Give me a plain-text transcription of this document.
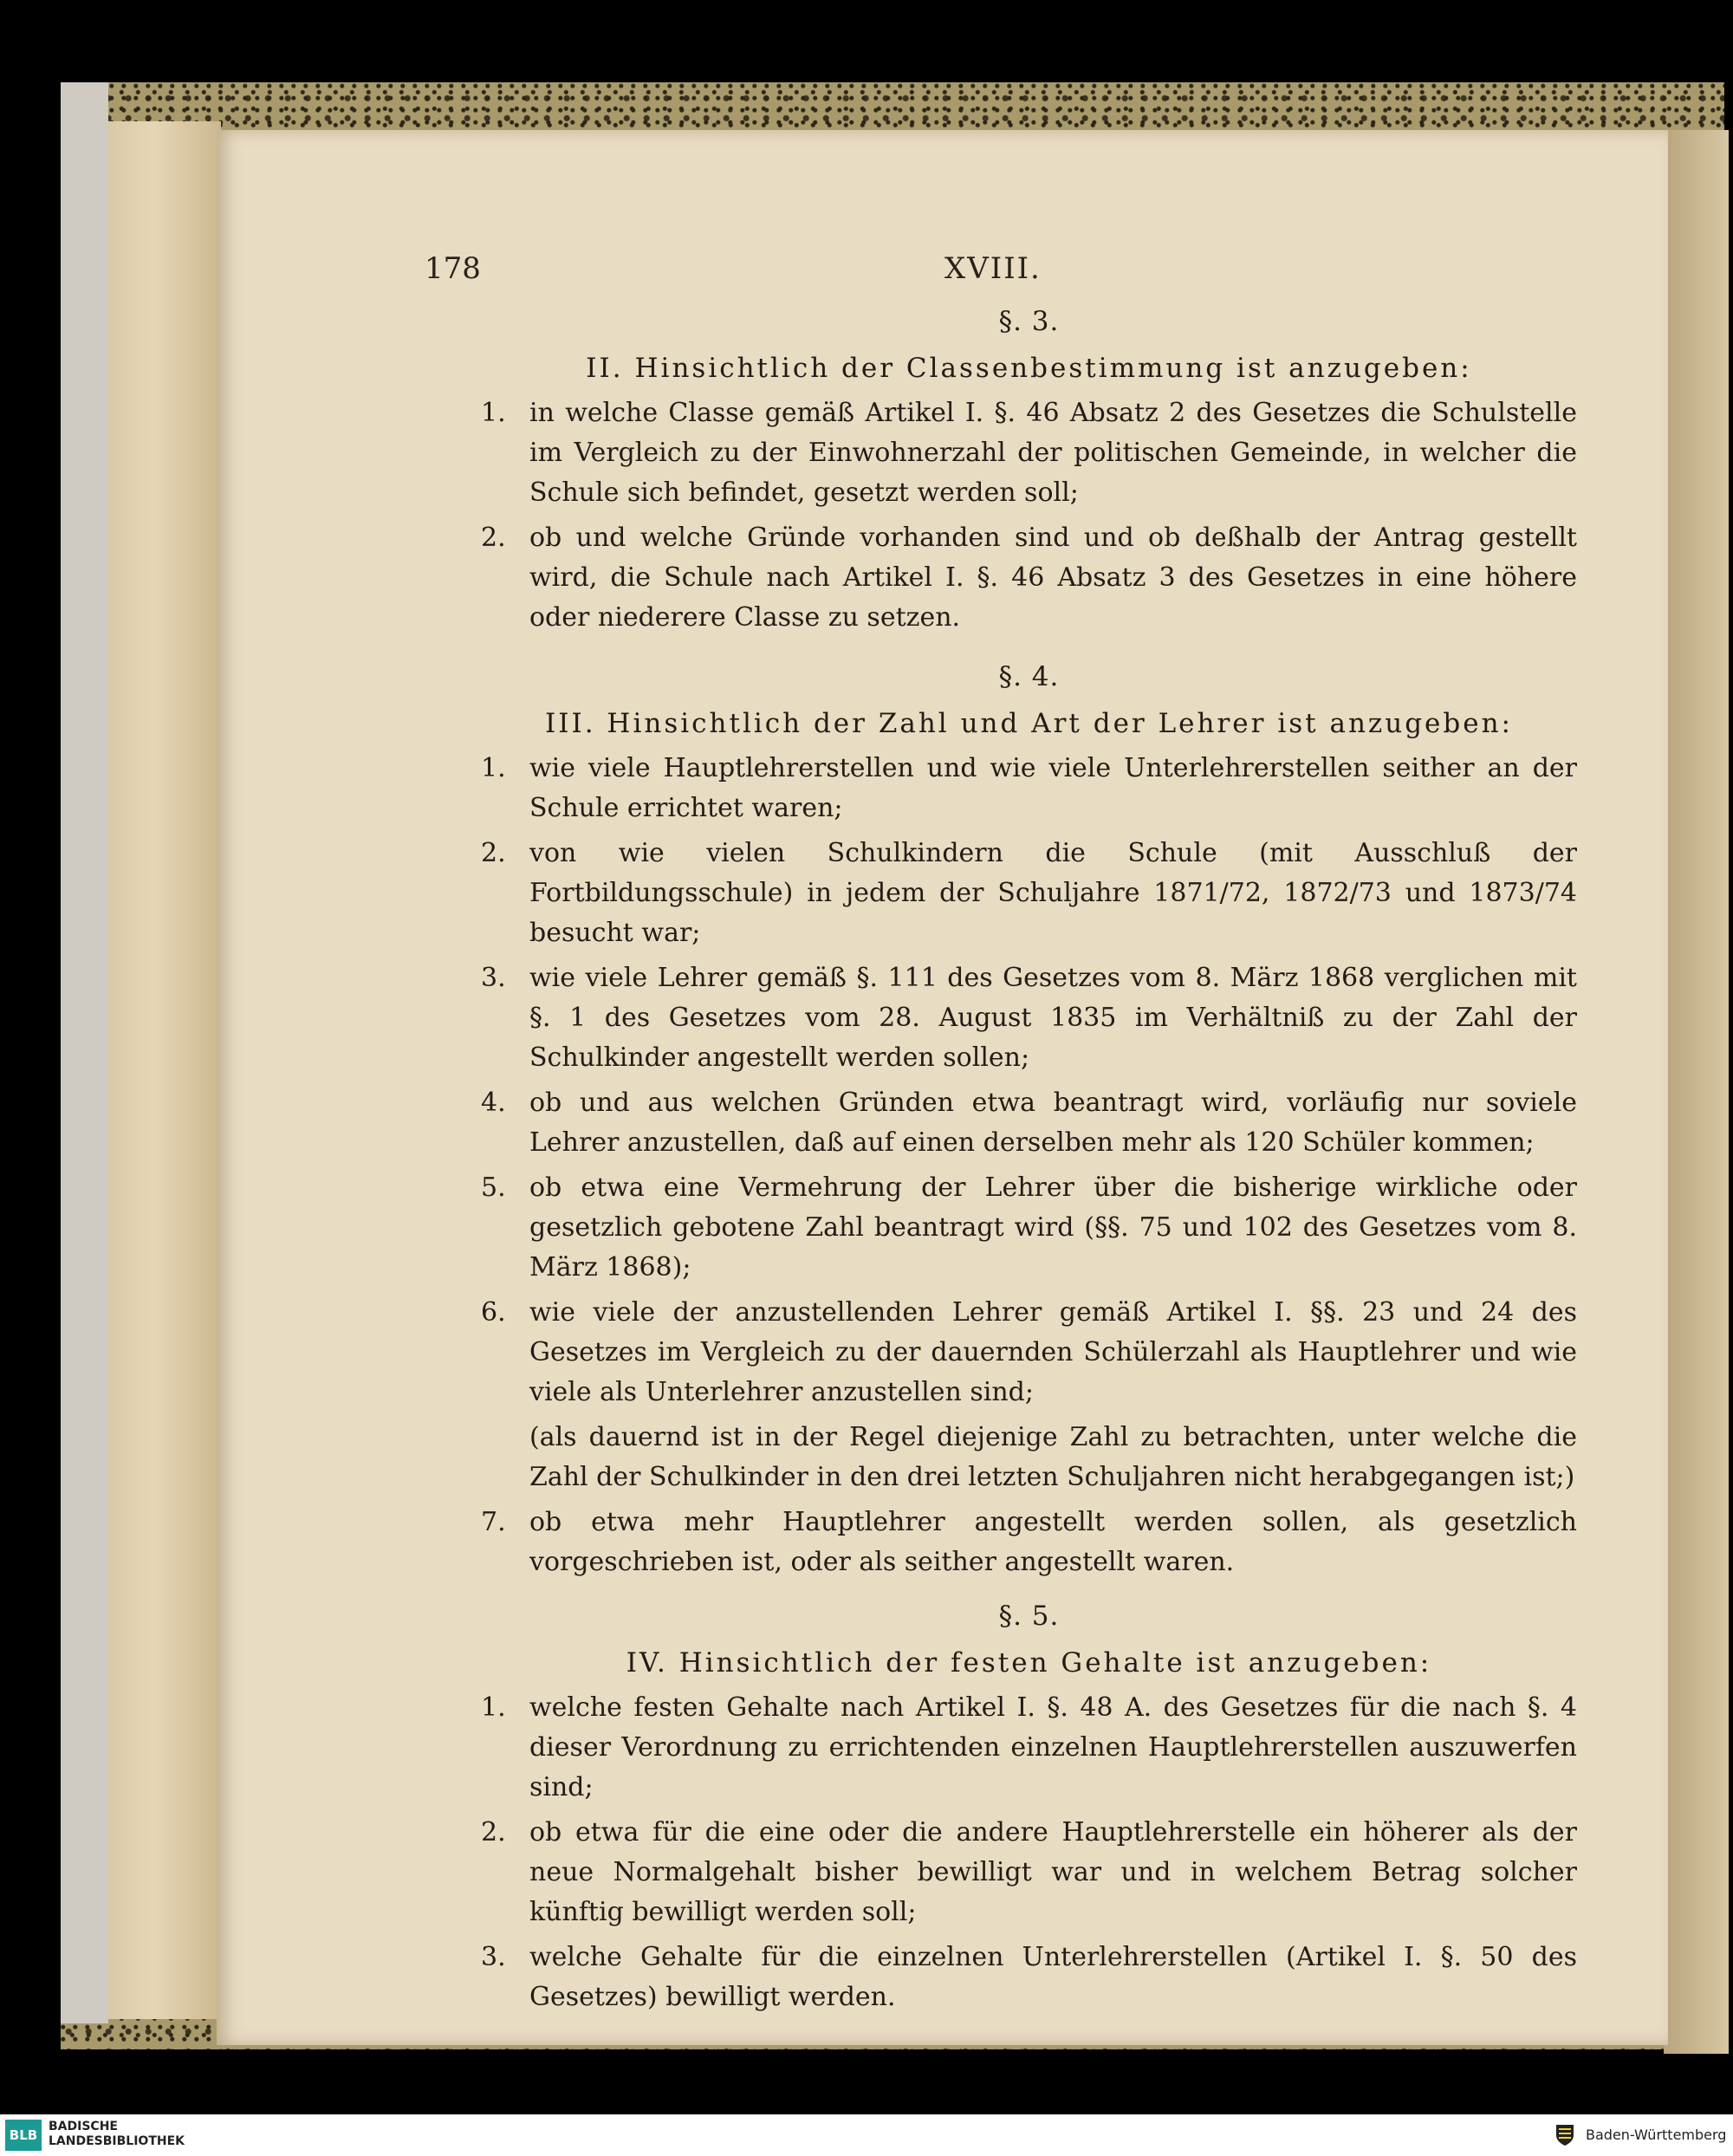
178	XVIII.
§. 3.
II. Hinsichtlich der Classenbestimmung ist anzugeben:
1. in welche Classe gemäß Artikel I. §. 46 Absatz 2 des Gesetzes die Schulstelle im Vergleich zu der Einwohnerzahl der politischen Gemeinde, in welcher die Schule sich befindet, gesetzt werden soll;
2. ob und welche Gründe vorhanden sind und ob deßhalb der Antrag gestellt wird, die Schule nach Artikel I. §. 46 Absatz 3 des Gesetzes in eine höhere oder niederere Classe zu setzen.
§. 4.
III. Hinsichtlich der Zahl und Art der Lehrer ist anzugeben:
1. wie viele Hauptlehrerstellen und wie viele Unterlehrerstellen seither an der Schule errichtet waren;
2. von wie vielen Schulkindern die Schule (mit Ausschluß der Fortbildungsschule) in jedem der Schuljahre 1871/72, 1872/73 und 1873/74 besucht war;
3. wie viele Lehrer gemäß §. 111 des Gesetzes vom 8. März 1868 verglichen mit §. 1 des Gesetzes vom 28. August 1835 im Verhältniß zu der Zahl der Schulkinder angestellt werden sollen;
4. ob und aus welchen Gründen etwa beantragt wird, vorläufig nur soviele Lehrer anzustellen, daß auf einen derselben mehr als 120 Schüler kommen;
5. ob etwa eine Vermehrung der Lehrer über die bisherige wirkliche oder gesetzlich gebotene Zahl beantragt wird (§§. 75 und 102 des Gesetzes vom 8. März 1868);
6. wie viele der anzustellenden Lehrer gemäß Artikel I. §§. 23 und 24 des Gesetzes im Vergleich zu der dauernden Schülerzahl als Hauptlehrer und wie viele als Unterlehrer anzustellen sind;
(als dauernd ist in der Regel diejenige Zahl zu betrachten, unter welche die Zahl der Schulkinder in den drei letzten Schuljahren nicht herabgegangen ist;)
7. ob etwa mehr Hauptlehrer angestellt werden sollen, als gesetzlich vorgeschrieben ist, oder als seither angestellt waren.
§. 5.
IV. Hinsichtlich der festen Gehalte ist anzugeben:
1. welche festen Gehalte nach Artikel I. §. 48 A. des Gesetzes für die nach §. 4 dieser Verordnung zu errichtenden einzelnen Hauptlehrerstellen auszuwerfen sind;
2. ob etwa für die eine oder die andere Hauptlehrerstelle ein höherer als der neue Normalgehalt bisher bewilligt war und in welchem Betrag solcher künftig bewilligt werden soll;
3. welche Gehalte für die einzelnen Unterlehrerstellen (Artikel I. §. 50 des Gesetzes) bewilligt werden.
BLB
BADISCHE
LANDESBIBLIOTHEK	Baden-Württemberg
